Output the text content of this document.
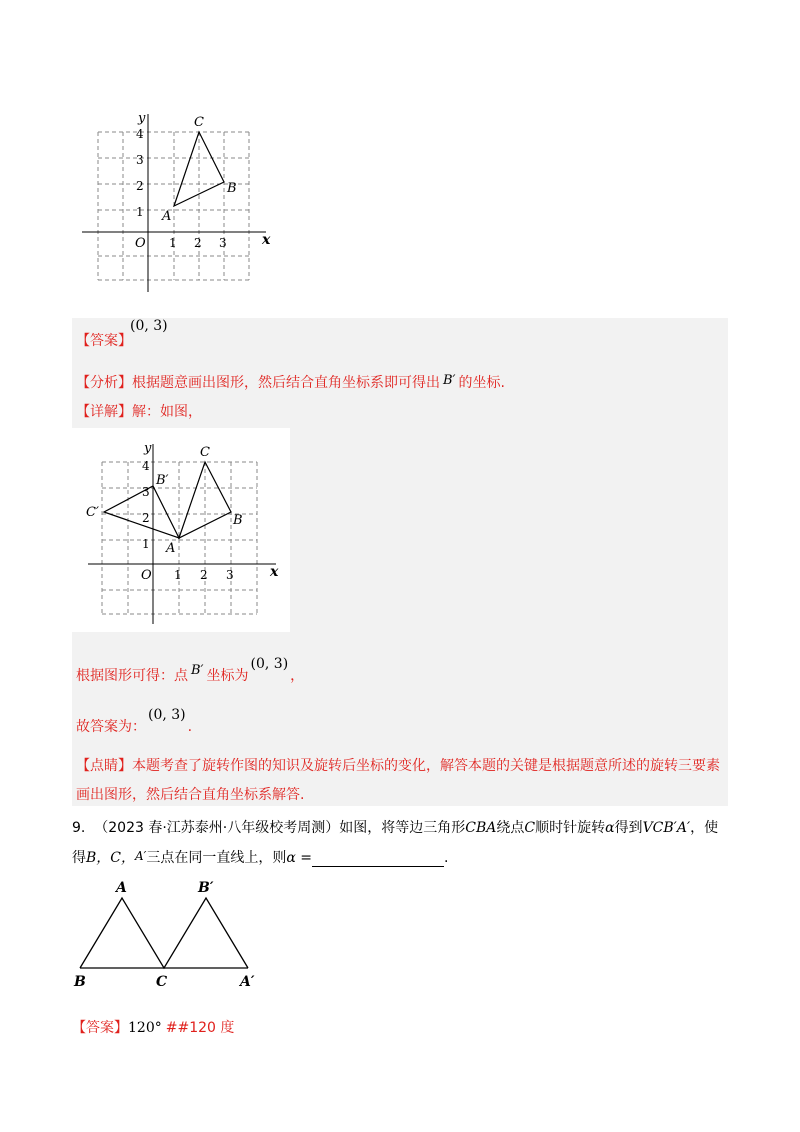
y
x
O 1 2 3
1
2
3
4
A
B
C
【答案】
(0, 3)
【分析】根据题意画出图形，然后结合直角坐标系即可得出 B′ 的坐标.
【详解】解：如图，
y
x
O 1 2 3
1
2
3
4
A
B
C
B′
C′
根据图形可得：点 B′ 坐标为(0, 3)，
故答案为：(0, 3).
【点睛】本题考查了旋转作图的知识及旋转后坐标的变化，解答本题的关键是根据题意所述的旋转三要素
画出图形，然后结合直角坐标系解答.
9. （2023 春·江苏泰州·八年级校考周测）如图，将等边三角形CBA绕点C顺时针旋转α得到VCB′A′，使
得B，C，A′三点在同一直线上，则α =	.
A
B	C
B′
A′
【答案】120° ##120 度
